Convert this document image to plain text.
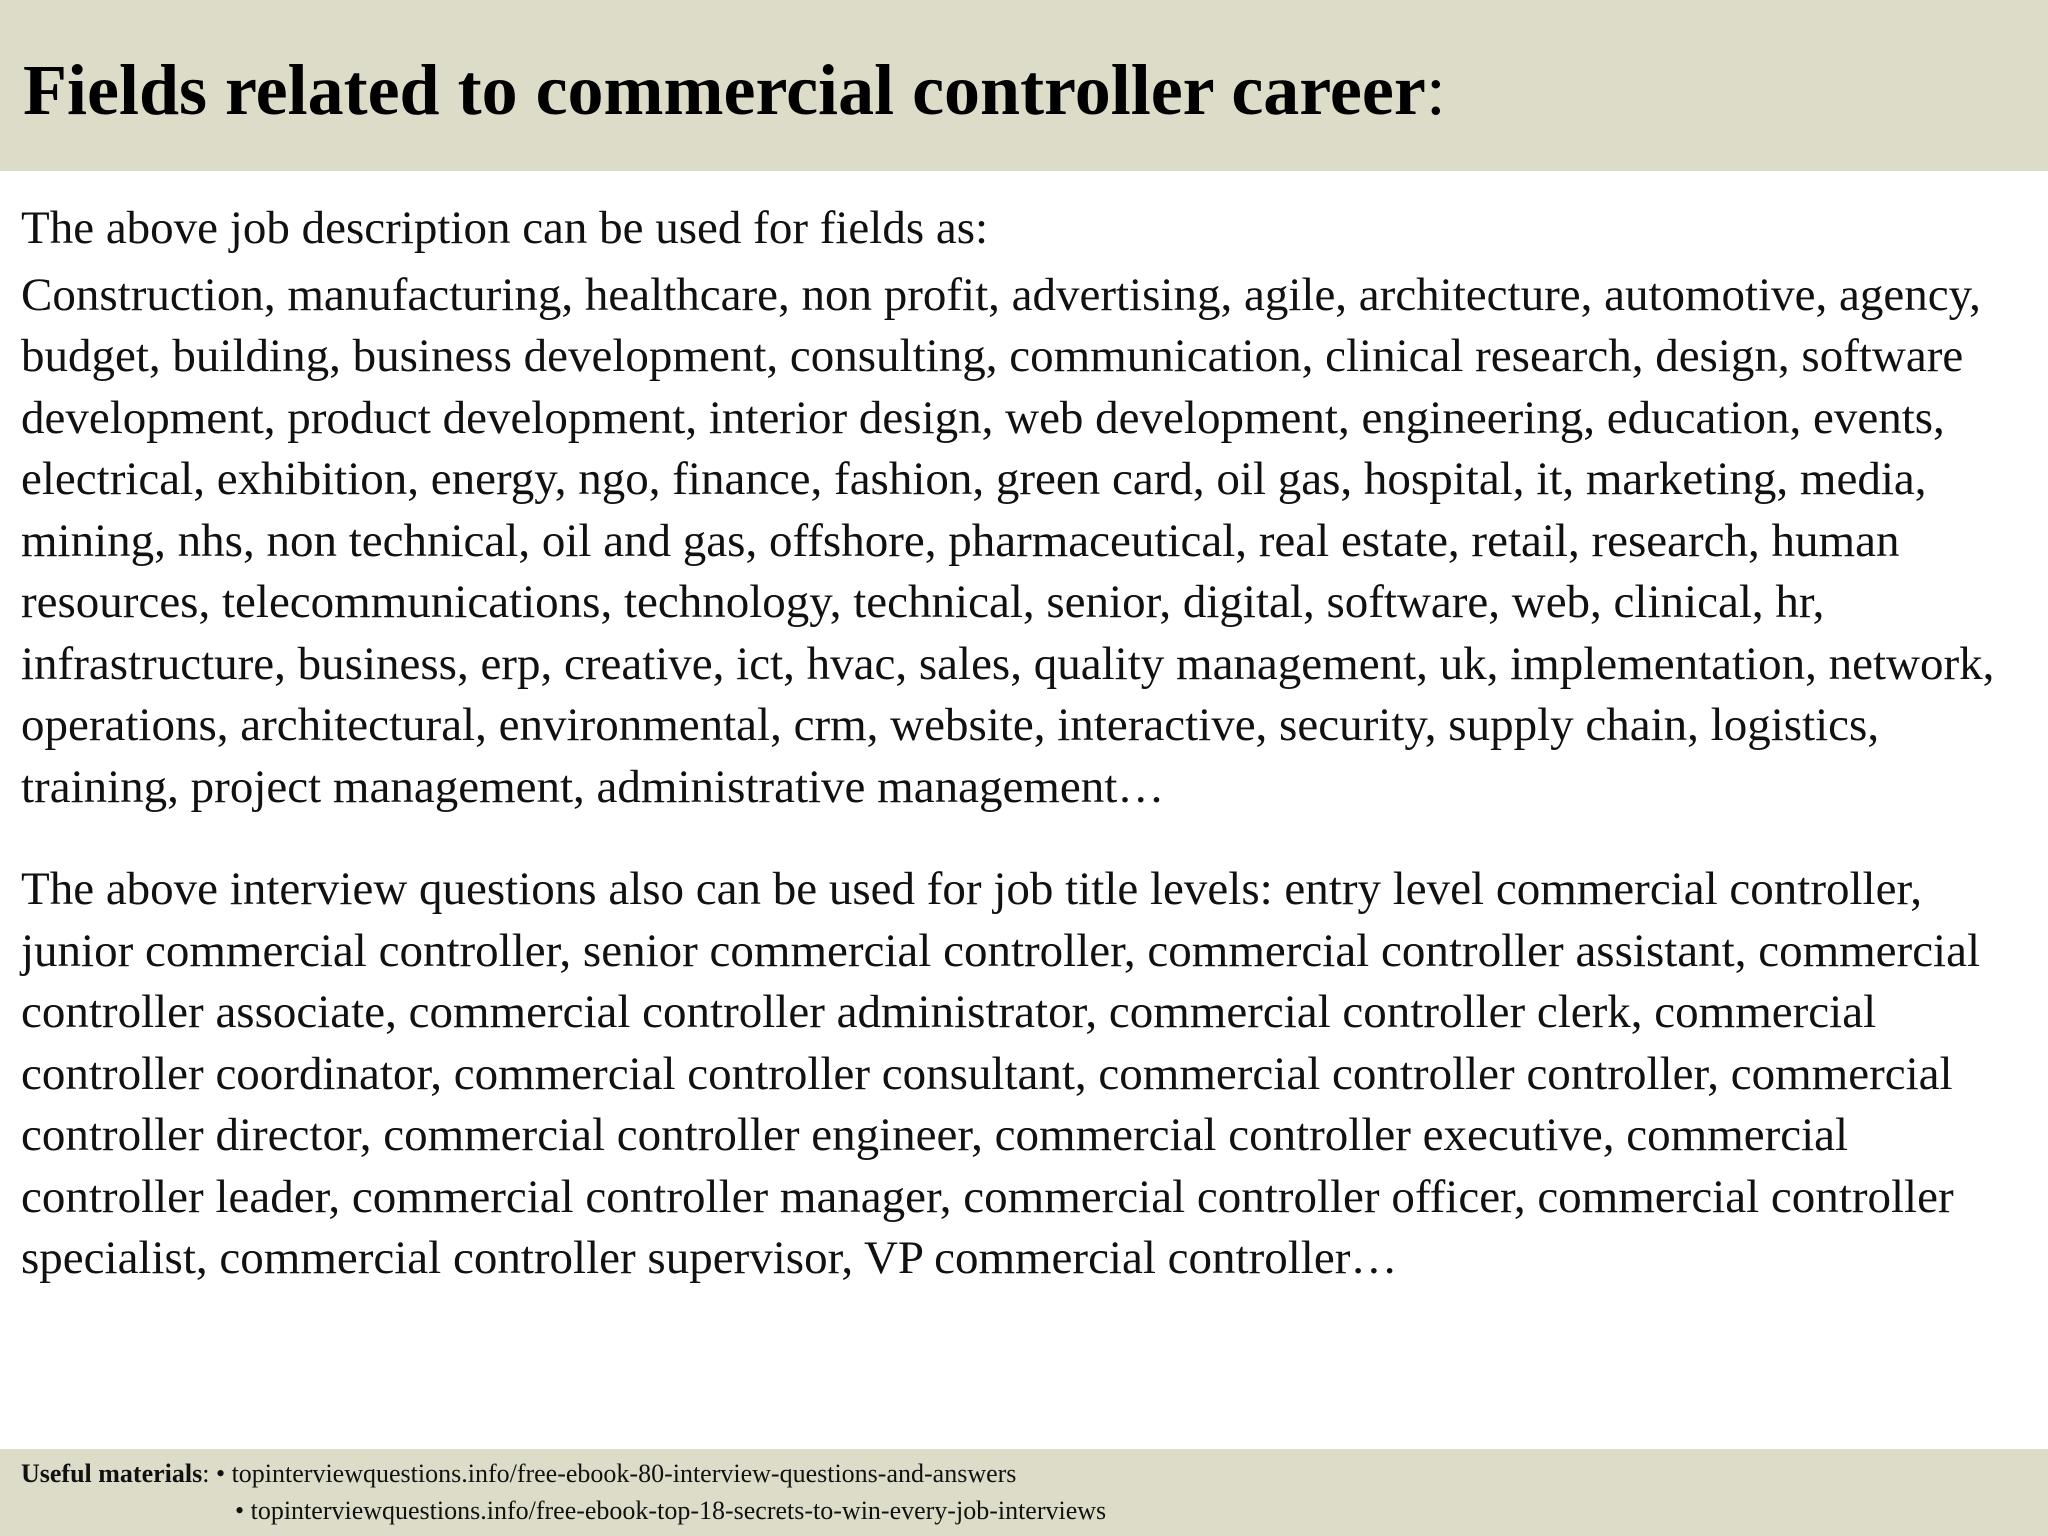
Fields related to commercial controller career:

The above job description can be used for fields as:

Construction, manufacturing, healthcare, non profit, advertising, agile, architecture, automotive, agency, budget, building, business development, consulting, communication, clinical research, design, software development, product development, interior design, web development, engineering, education, events, electrical, exhibition, energy, ngo, finance, fashion, green card, oil gas, hospital, it, marketing, media, mining, nhs, non technical, oil and gas, offshore, pharmaceutical, real estate, retail, research, human resources, telecommunications, technology, technical, senior, digital, software, web, clinical, hr, infrastructure, business, erp, creative, ict, hvac, sales, quality management, uk, implementation, network, operations, architectural, environmental, crm, website, interactive, security, supply chain, logistics, training, project management, administrative management…

The above interview questions also can be used for job title levels: entry level commercial controller, junior commercial controller, senior commercial controller, commercial controller assistant, commercial controller associate, commercial controller administrator, commercial controller clerk, commercial controller coordinator, commercial controller consultant, commercial controller controller, commercial controller director, commercial controller engineer, commercial controller executive, commercial controller leader, commercial controller manager, commercial controller officer, commercial controller specialist, commercial controller supervisor, VP commercial controller…

Useful materials: • topinterviewquestions.info/free-ebook-80-interview-questions-and-answers
• topinterviewquestions.info/free-ebook-top-18-secrets-to-win-every-job-interviews
